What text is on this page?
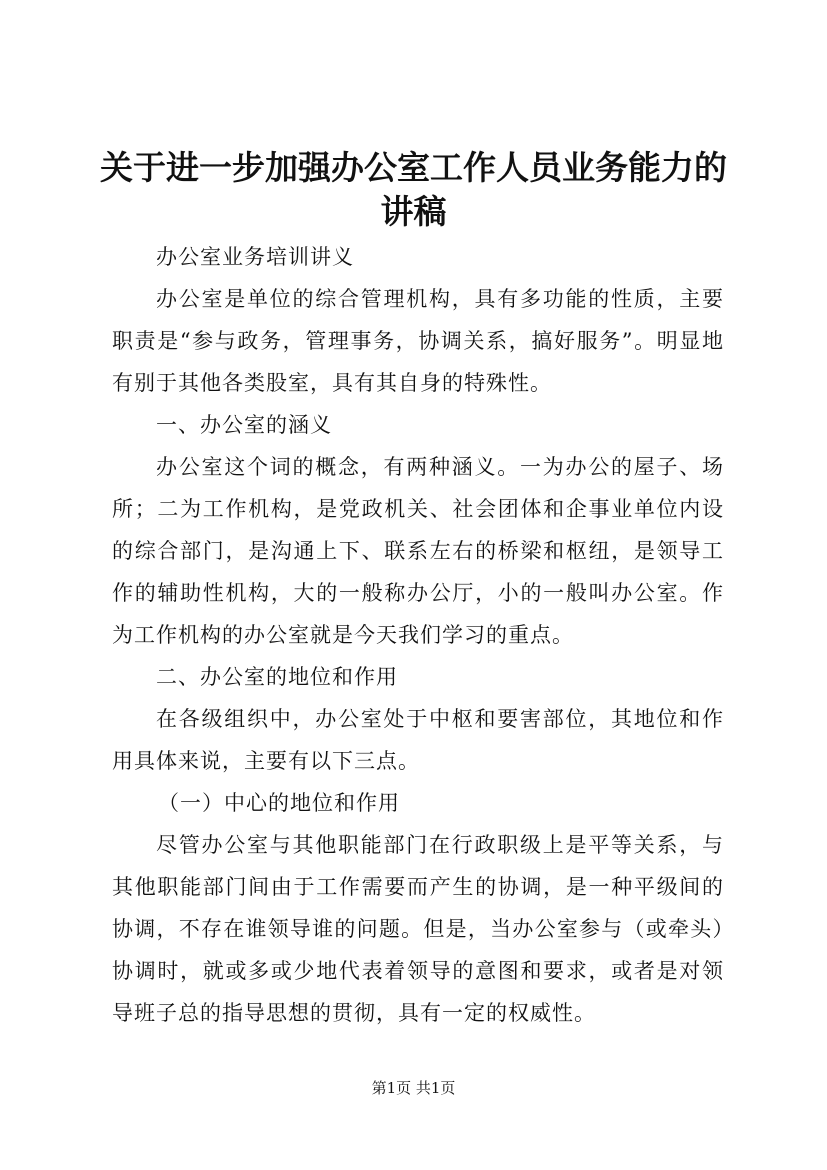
关于进一步加强办公室工作人员业务能力的讲稿

办公室业务培训讲义

办公室是单位的综合管理机构，具有多功能的性质，主要职责是“参与政务，管理事务，协调关系，搞好服务”。明显地有别于其他各类股室，具有其自身的特殊性。

一、办公室的涵义

办公室这个词的概念，有两种涵义。一为办公的屋子、场所；二为工作机构，是党政机关、社会团体和企事业单位内设的综合部门，是沟通上下、联系左右的桥梁和枢纽，是领导工作的辅助性机构，大的一般称办公厅，小的一般叫办公室。作为工作机构的办公室就是今天我们学习的重点。

二、办公室的地位和作用

在各级组织中，办公室处于中枢和要害部位，其地位和作用具体来说，主要有以下三点。

（一）中心的地位和作用

尽管办公室与其他职能部门在行政职级上是平等关系，与其他职能部门间由于工作需要而产生的协调，是一种平级间的协调，不存在谁领导谁的问题。但是，当办公室参与（或牵头）协调时，就或多或少地代表着领导的意图和要求，或者是对领导班子总的指导思想的贯彻，具有一定的权威性。

第1页 共1页
